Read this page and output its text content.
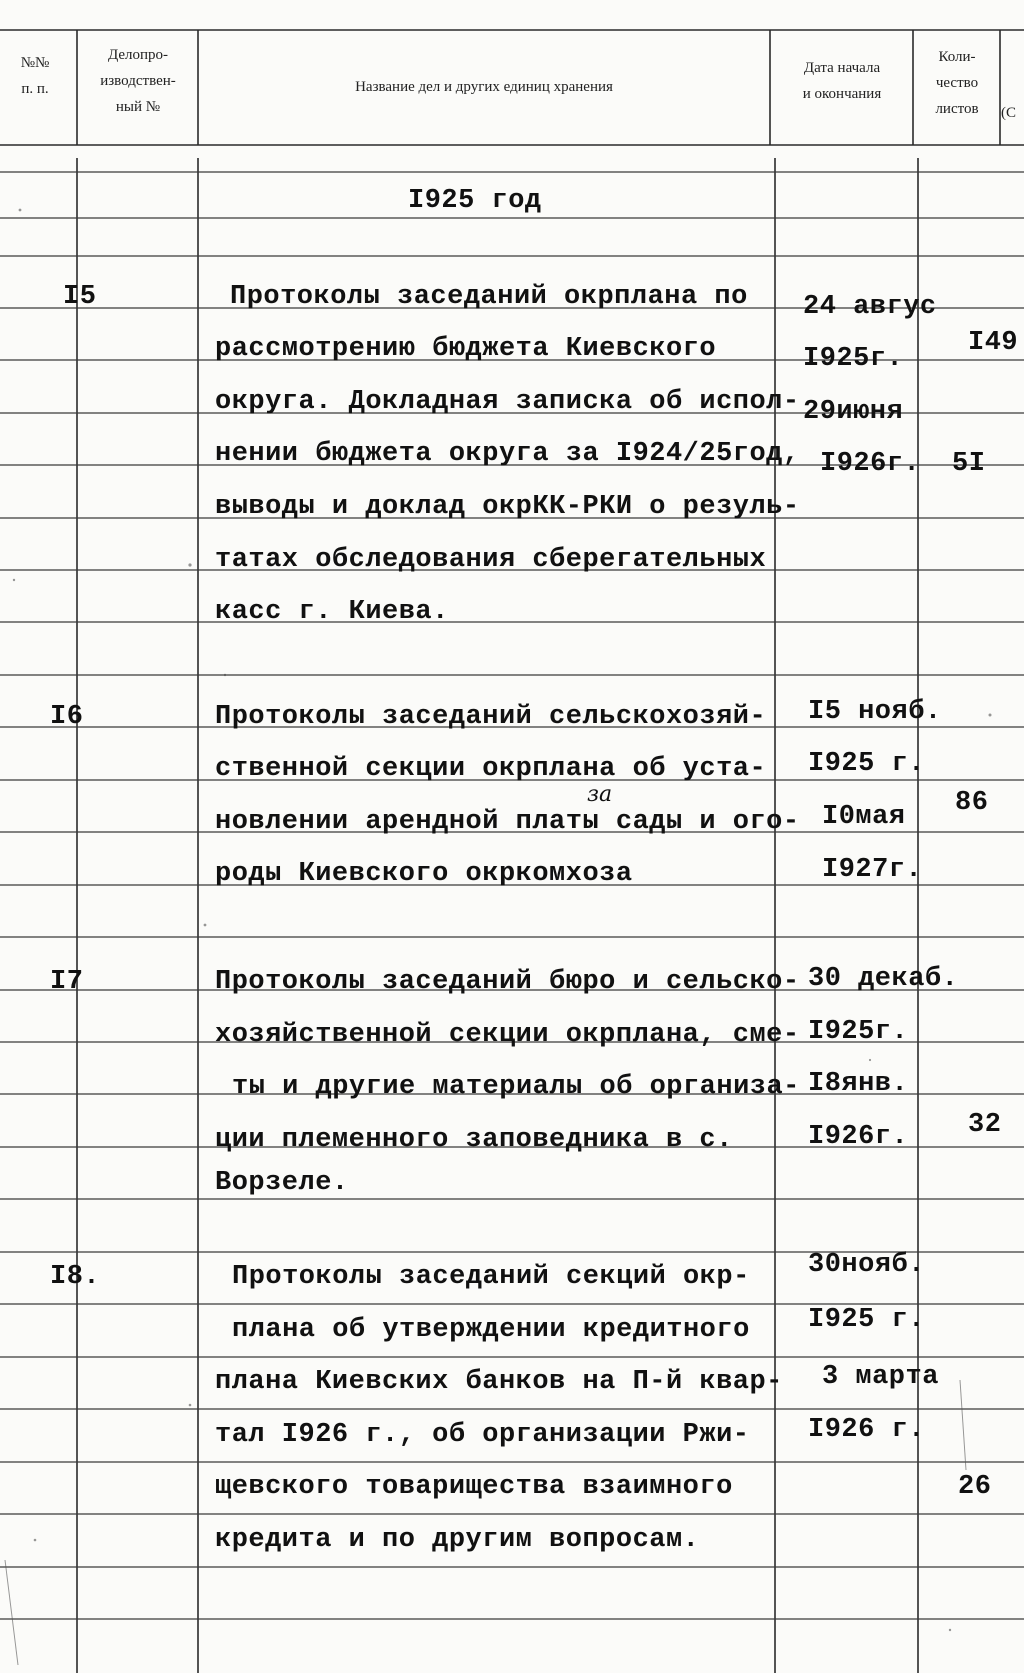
№№
п. п.
Делопро-
изводствен-
ный №
Название дел и других единиц хранения
Дата начала
и окончания
Коли-
чество
листов	(С
I925 год
I5	Протоколы заседаний окрплана по
рассмотрению бюджета Киевского
округа. Докладная записка об испол-
нении бюджета округа за I924/25год,
выводы и доклад окрКК-РКИ о резуль-
татах обследования сберегательных
касс г. Киева.
24 авгус
I925г.
29июня
I926г.
I49
5I
I6	Протоколы заседаний сельскохозяй-
ственной секции окрплана об уста-
новлении арендной платы сады и ого-
роды Киевского окркомхоза
за
I5 нояб.
I925 г.
I0мая
I927г.
86
I7	Протоколы заседаний бюро и сельско-
хозяйственной секции окрплана, сме-
ты и другие материалы об организа-
ции племенного заповедника в с.
Ворзеле.
30 декаб.
I925г.
I8янв.
I926г. 32
I8.	Протоколы заседаний секций окр-
плана об утверждении кредитного
плана Киевских банков на П-й квар-
тал I926 г., об организации Ржи-
щевского товарищества взаимного
кредита и по другим вопросам.
30нояб.
I925 г.
3 марта
I926 г.
26
